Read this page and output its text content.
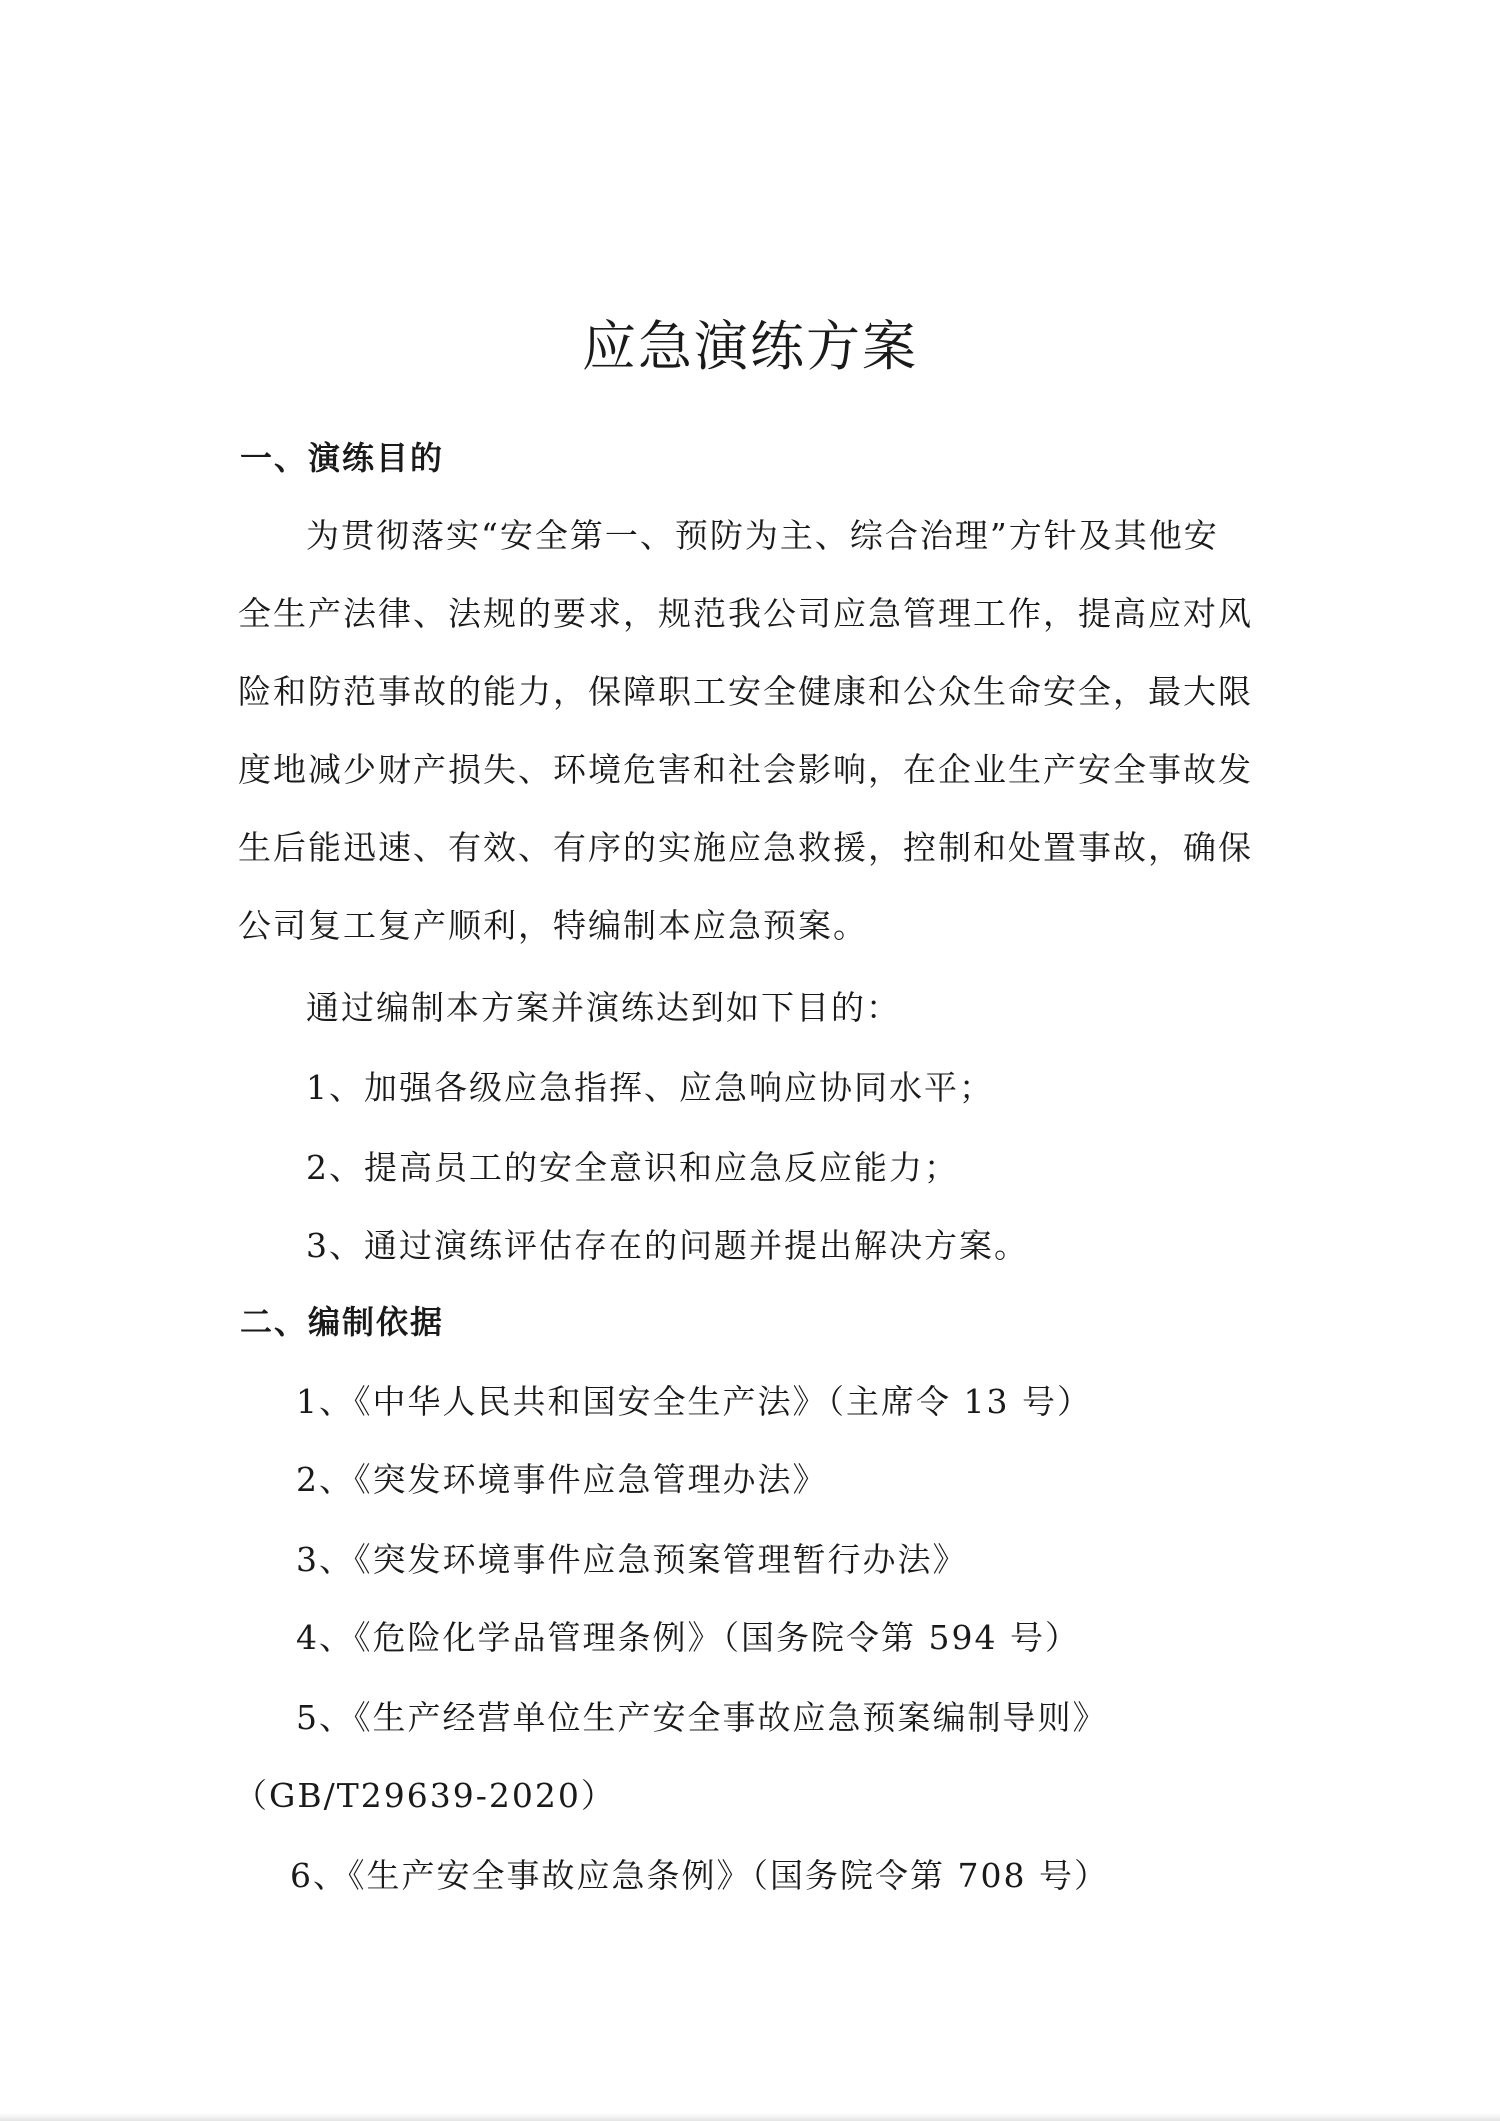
应急演练方案
一、演练目的
为贯彻落实“安全第一、预防为主、综合治理”方针及其他安
全生产法律、法规的要求，规范我公司应急管理工作，提高应对风
险和防范事故的能力，保障职工安全健康和公众生命安全，最大限
度地减少财产损失、环境危害和社会影响，在企业生产安全事故发
生后能迅速、有效、有序的实施应急救援，控制和处置事故，确保
公司复工复产顺利，特编制本应急预案。
通过编制本方案并演练达到如下目的：
1、加强各级应急指挥、应急响应协同水平；
2、提高员工的安全意识和应急反应能力；
3、通过演练评估存在的问题并提出解决方案。
二、编制依据
1、《中华人民共和国安全生产法》（主席令 13 号）
2、《突发环境事件应急管理办法》
3、《突发环境事件应急预案管理暂行办法》
4、《危险化学品管理条例》（国务院令第 594 号）
5、《生产经营单位生产安全事故应急预案编制导则》
（GB/T29639-2020）
6、《生产安全事故应急条例》（国务院令第 708 号）
